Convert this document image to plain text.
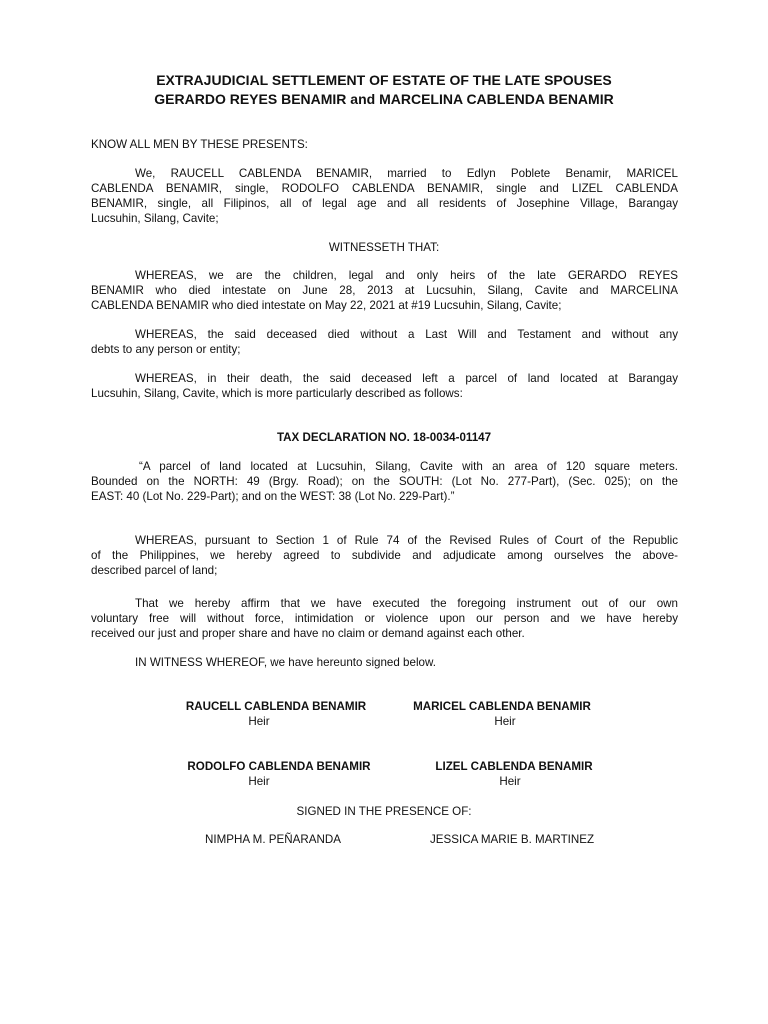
EXTRAJUDICIAL SETTLEMENT OF ESTATE OF THE LATE SPOUSES
GERARDO REYES BENAMIR and MARCELINA CABLENDA BENAMIR
KNOW ALL MEN BY THESE PRESENTS:
We, RAUCELL CABLENDA BENAMIR, married to Edlyn Poblete Benamir, MARICEL
CABLENDA BENAMIR, single, RODOLFO CABLENDA BENAMIR, single and LIZEL CABLENDA
BENAMIR, single, all Filipinos, all of legal age and all residents of Josephine Village, Barangay
Lucsuhin, Silang, Cavite;
WITNESSETH THAT:
WHEREAS, we are the children, legal and only heirs of the late GERARDO REYES
BENAMIR who died intestate on June 28, 2013 at Lucsuhin, Silang, Cavite and MARCELINA
CABLENDA BENAMIR who died intestate on May 22, 2021 at #19 Lucsuhin, Silang, Cavite;
WHEREAS, the said deceased died without a Last Will and Testament and without any
debts to any person or entity;
WHEREAS, in their death, the said deceased left a parcel of land located at Barangay
Lucsuhin, Silang, Cavite, which is more particularly described as follows:
TAX DECLARATION NO. 18-0034-01147
“A parcel of land located at Lucsuhin, Silang, Cavite with an area of 120 square meters.
Bounded on the NORTH: 49 (Brgy. Road); on the SOUTH: (Lot No. 277-Part), (Sec. 025); on the
EAST: 40 (Lot No. 229-Part); and on the WEST: 38 (Lot No. 229-Part).”
WHEREAS, pursuant to Section 1 of Rule 74 of the Revised Rules of Court of the Republic
of the Philippines, we hereby agreed to subdivide and adjudicate among ourselves the above-
described parcel of land;
That we hereby affirm that we have executed the foregoing instrument out of our own
voluntary free will without force, intimidation or violence upon our person and we have hereby
received our just and proper share and have no claim or demand against each other.
IN WITNESS WHEREOF, we have hereunto signed below.
RAUCELL CABLENDA BENAMIR
Heir
MARICEL CABLENDA BENAMIR
Heir
RODOLFO CABLENDA BENAMIR
Heir
LIZEL CABLENDA BENAMIR
Heir
SIGNED IN THE PRESENCE OF:
NIMPHA M. PEÑARANDA	JESSICA MARIE B. MARTINEZ
